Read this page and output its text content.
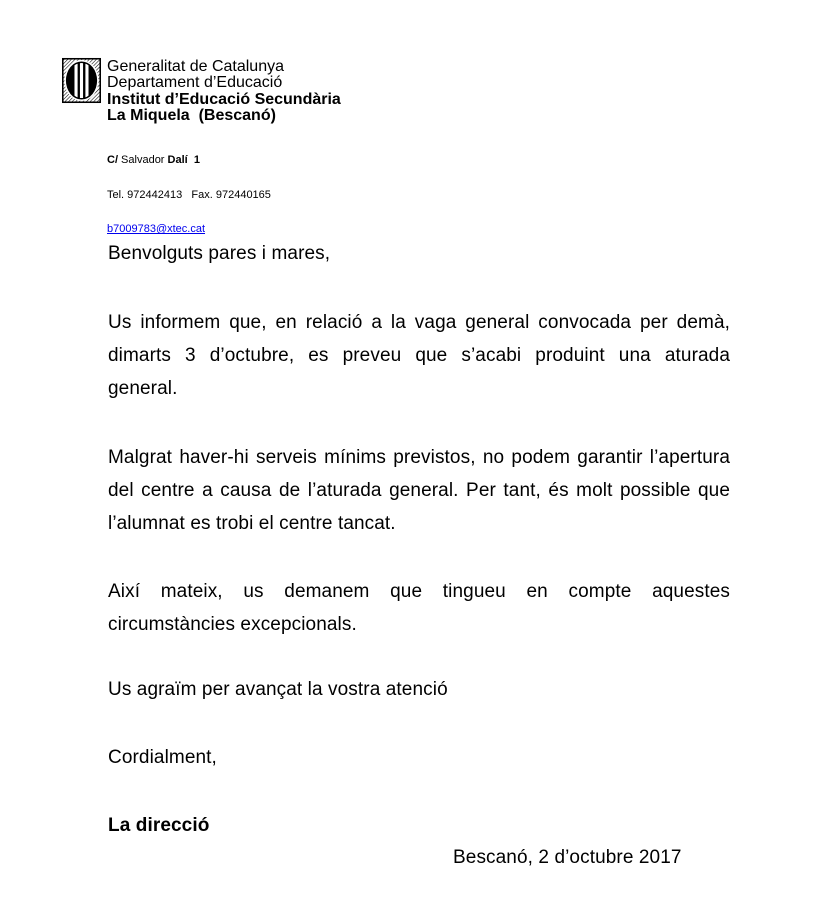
Generalitat de Catalunya
Departament d’Educació
Institut d’Educació Secundària
La Miquela  (Bescanó)

C/ Salvador Dalí  1

Tel. 972442413   Fax. 972440165

b7009783@xtec.cat

Benvolguts pares i mares,
Us informem que, en relació a la vaga general convocada per demà,
dimarts 3 d’octubre, es preveu que s’acabi produint una aturada
general.
Malgrat haver-hi serveis mínims previstos, no podem garantir l’apertura
del centre a causa de l’aturada general. Per tant, és molt possible que
l’alumnat es trobi el centre tancat.
Així mateix, us demanem que tingueu en compte aquestes
circumstàncies excepcionals.
Us agraïm per avançat la vostra atenció
Cordialment,
La direcció
Bescanó, 2 d’octubre 2017
